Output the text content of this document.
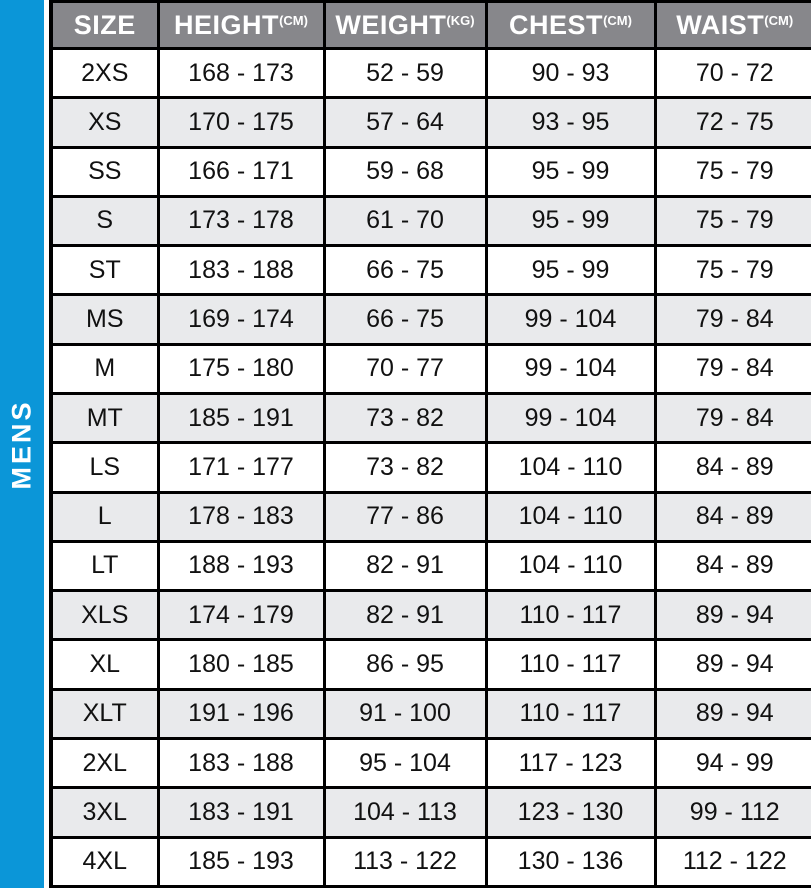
MENS
SIZE	$HEIGHT^{(CM)}$	$WEIGHT^{(KG)}$	$CHEST^{(CM)}$	$WAIST^{(CM)}$
2XS	168 - 173	52 - 59	90 - 93	70 - 72
XS	170 - 175	57 - 64	93 - 95	72 - 75
SS	166 - 171	59 - 68	95 - 99	75 - 79
S	173 - 178	61 - 70	95 - 99	75 - 79
ST	183 - 188	66 - 75	95 - 99	75 - 79
MS	169 - 174	66 - 75	99 - 104	79 - 84
M	175 - 180	70 - 77	99 - 104	79 - 84
MT	185 - 191	73 - 82	99 - 104	79 - 84
LS	171 - 177	73 - 82	104 - 110	84 - 89
L	178 - 183	77 - 86	104 - 110	84 - 89
LT	188 - 193	82 - 91	104 - 110	84 - 89
XLS	174 - 179	82 - 91	110 - 117	89 - 94
XL	180 - 185	86 - 95	110 - 117	89 - 94
XLT	191 - 196	91 - 100	110 - 117	89 - 94
2XL	183 - 188	95 - 104	117 - 123	94 - 99
3XL	183 - 191	104 - 113	123 - 130	99 - 112
4XL	185 - 193	113 - 122	130 - 136	112 - 122
